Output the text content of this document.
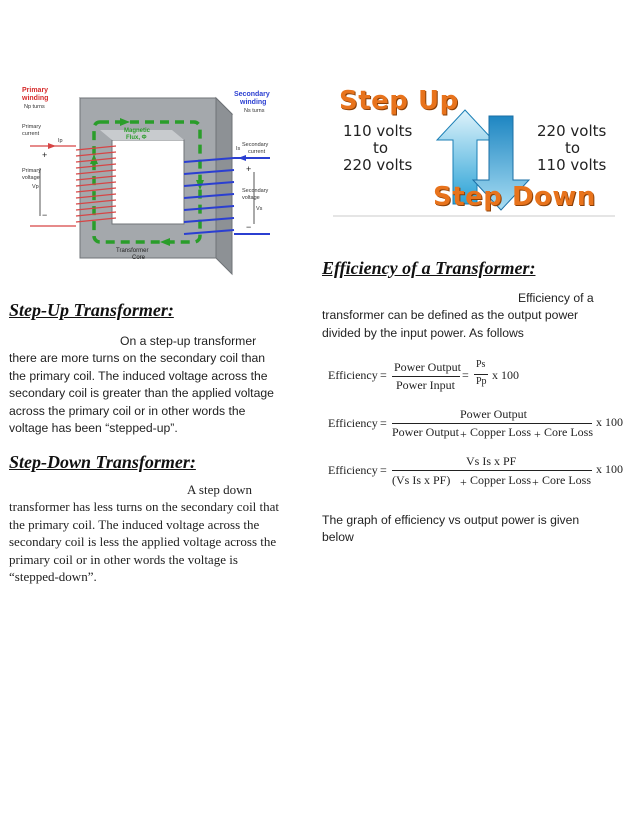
Primary
winding
Np turns
Primary
current
Ip
+
Primary
voltage
Vp
−
Magnetic
Flux, Φ
Secondary
winding
Ns turns
Secondary
current
Is
+
Secondary
voltage
Vs
−
Transformer
Core
Step Up
110 volts
to
220 volts
220 volts
to
110 volts
Step Down
Step-Up Transformer:
On a step-up transformer there are more turns on the secondary coil than the primary coil. The induced voltage across the secondary coil is greater than the applied voltage across the primary coil or in other words the voltage has been “stepped-up”.
Step-Down Transformer:
A step down transformer has less turns on the secondary coil that the primary coil. The induced voltage across the secondary coil is less the applied voltage across the primary coil or in other words the voltage is “stepped-down”.
Efficiency of a Transformer:
Efficiency of a transformer can be defined as the output power divided by the input power. As follows
Efficiency =
Power Output
Power Input
=
Ps
Pp x 100
Efficiency =
Power Output
Power Output + Copper Loss + Core Loss
x 100
Efficiency =
Vs Is x PF
(Vs Is x PF) + Copper Loss + Core Loss
x 100
The graph of efficiency vs output power is given below
